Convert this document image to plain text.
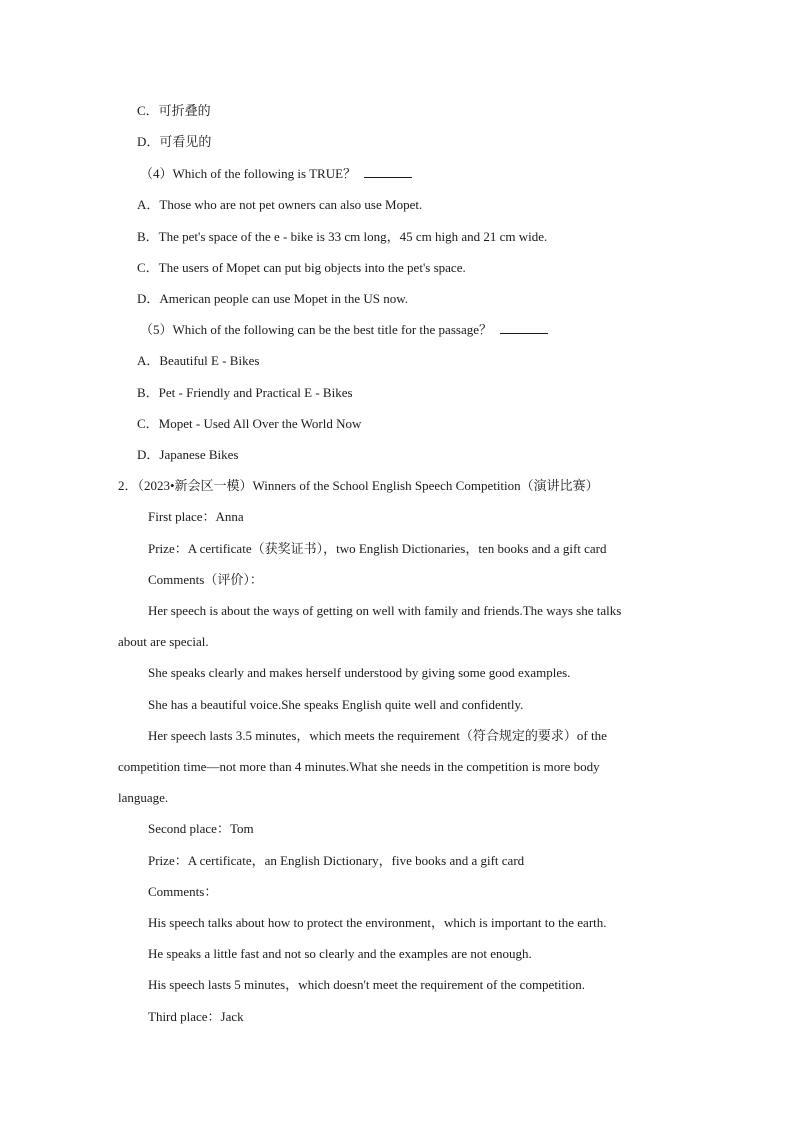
C．可折叠的
D．可看见的
（4）Which of the following is TRUE？
A．Those who are not pet owners can also use Mopet.
B．The pet's space of the e - bike is 33 cm long，45 cm high and 21 cm wide.
C．The users of Mopet can put big objects into the pet's space.
D．American people can use Mopet in the US now.
（5）Which of the following can be the best title for the passage？
A．Beautiful E - Bikes
B．Pet - Friendly and Practical E - Bikes
C．Mopet - Used All Over the World Now
D．Japanese Bikes
2．（2023•新会区一模）Winners of the School English Speech Competition（演讲比赛）
First place：Anna
Prize：A certificate（获奖证书），two English Dictionaries，ten books and a gift card
Comments（评价）：
Her speech is about the ways of getting on well with family and friends.The ways she talks
about are special.
She speaks clearly and makes herself understood by giving some good examples.
She has a beautiful voice.She speaks English quite well and confidently.
Her speech lasts 3.5 minutes，which meets the requirement（符合规定的要求）of the
competition time—not more than 4 minutes.What she needs in the competition is more body
language.
Second place：Tom
Prize：A certificate，an English Dictionary，five books and a gift card
Comments：
His speech talks about how to protect the environment，which is important to the earth.
He speaks a little fast and not so clearly and the examples are not enough.
His speech lasts 5 minutes，which doesn't meet the requirement of the competition.
Third place：Jack
